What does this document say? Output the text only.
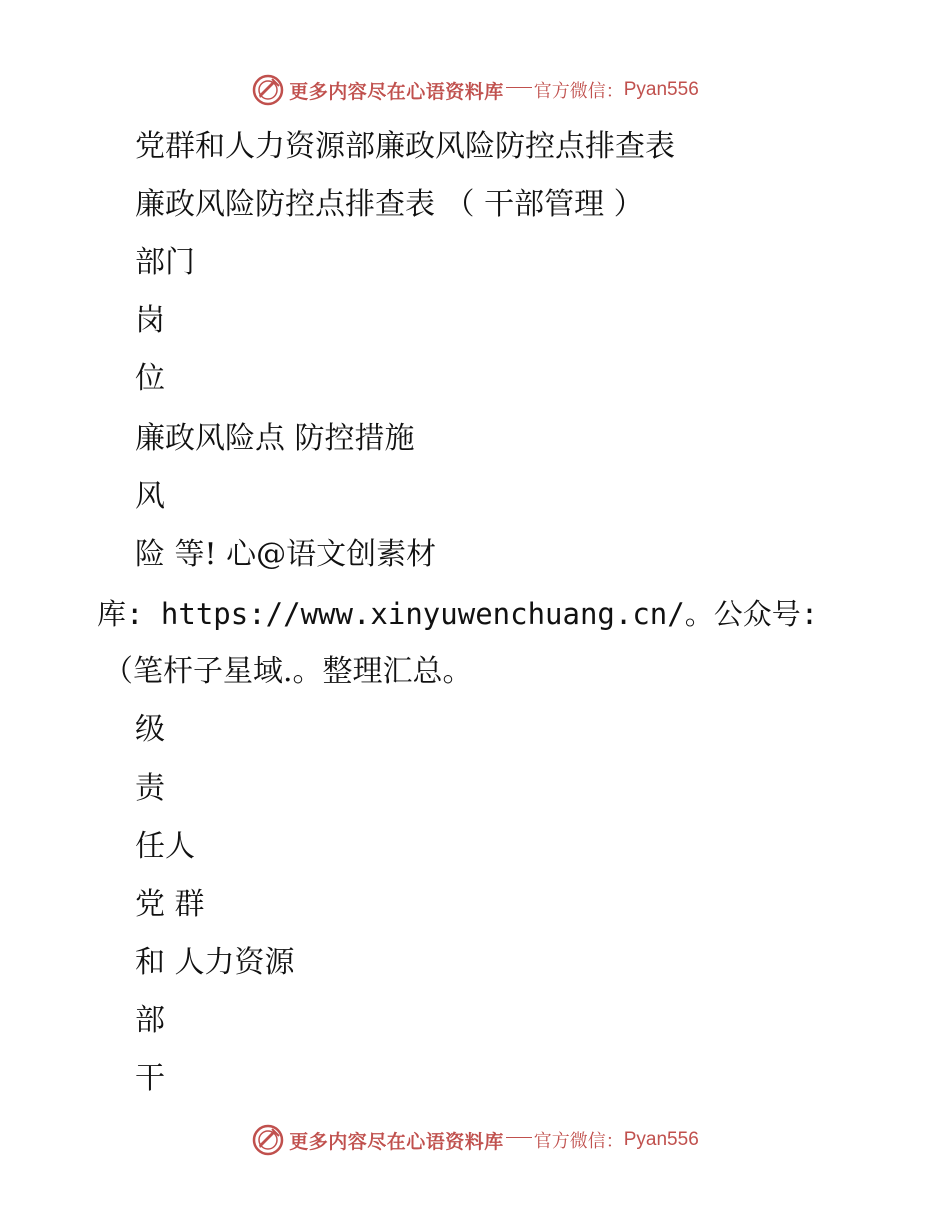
更多内容尽在心语资料库 官方微信： Pyan556
党群和人力资源部廉政风险防控点排查表
廉政风险防控点排查表 （ 干部管理 ）
部门
岗
位
廉政风险点 防控措施
风
险 等! 心@语文创素材
库: https://www.xinyuwenchuang.cn/。公众号:
（笔杆子星域.。整理汇总。
级
责
任人
党 群
和 人力资源
部
干
更多内容尽在心语资料库 官方微信： Pyan556
